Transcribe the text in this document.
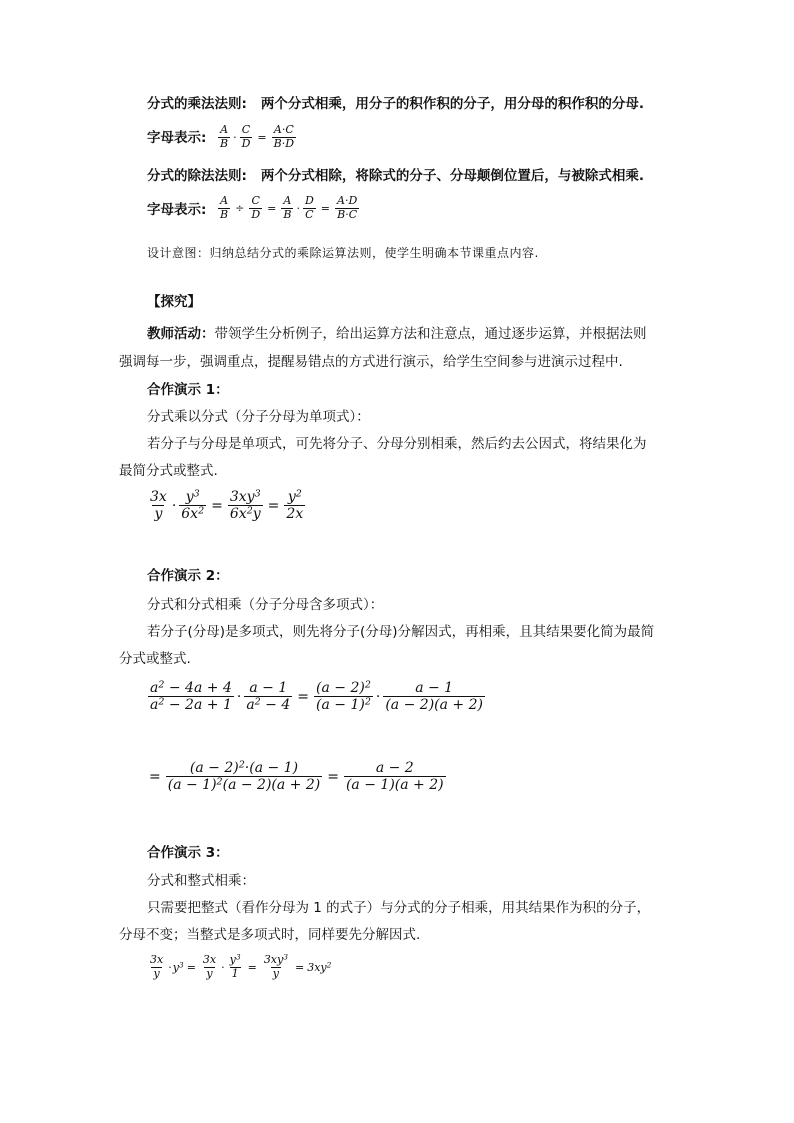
分式的乘法法则: 两个分式相乘，用分子的积作积的分子，用分母的积作积的分母.
字母表示: $\frac{A}{B} \cdot \frac{C}{D} = \frac{A\cdot C}{B\cdot D}$
分式的除法法则: 两个分式相除，将除式的分子、分母颠倒位置后，与被除式相乘.
字母表示: $\frac{A}{B} \div \frac{C}{D} = \frac{A}{B} \cdot \frac{D}{C} = \frac{A\cdot D}{B\cdot C}$
设计意图：归纳总结分式的乘除运算法则，使学生明确本节课重点内容.
【探究】
教师活动：带领学生分析例子，给出运算方法和注意点，通过逐步运算，并根据法则
强调每一步，强调重点，提醒易错点的方式进行演示，给学生空间参与进演示过程中.
合作演示 1：
分式乘以分式（分子分母为单项式）：
若分子与分母是单项式，可先将分子、分母分别相乘，然后约去公因式，将结果化为
最简分式或整式.
$\frac{3x}{y} \cdot \frac{y^3}{6x^2} = \frac{3xy^3}{6x^2y} = \frac{y^2}{2x}$
合作演示 2：
分式和分式相乘（分子分母含多项式）：
若分子(分母)是多项式，则先将分子(分母)分解因式，再相乘，且其结果要化简为最简
分式或整式.
$\frac{a^2 - 4a + 4}{a^2 - 2a + 1} \cdot \frac{a - 1}{a^2 - 4} = \frac{(a - 2)^2}{(a - 1)^2} \cdot \frac{a - 1}{(a - 2)(a + 2)}$
= $\frac{(a - 2)^2\cdot(a - 1)}{(a - 1)^2(a - 2)(a + 2)} = \frac{a - 2}{(a - 1)(a + 2)}$
合作演示 3：
分式和整式相乘：
只需要把整式（看作分母为 1 的式子）与分式的分子相乘，用其结果作为积的分子，
分母不变；当整式是多项式时，同样要先分解因式.
$\frac{3x}{y} \cdot y^3 = \frac{3x}{y} \cdot \frac{y^3}{1} = \frac{3xy^3}{y} = 3xy^2$
